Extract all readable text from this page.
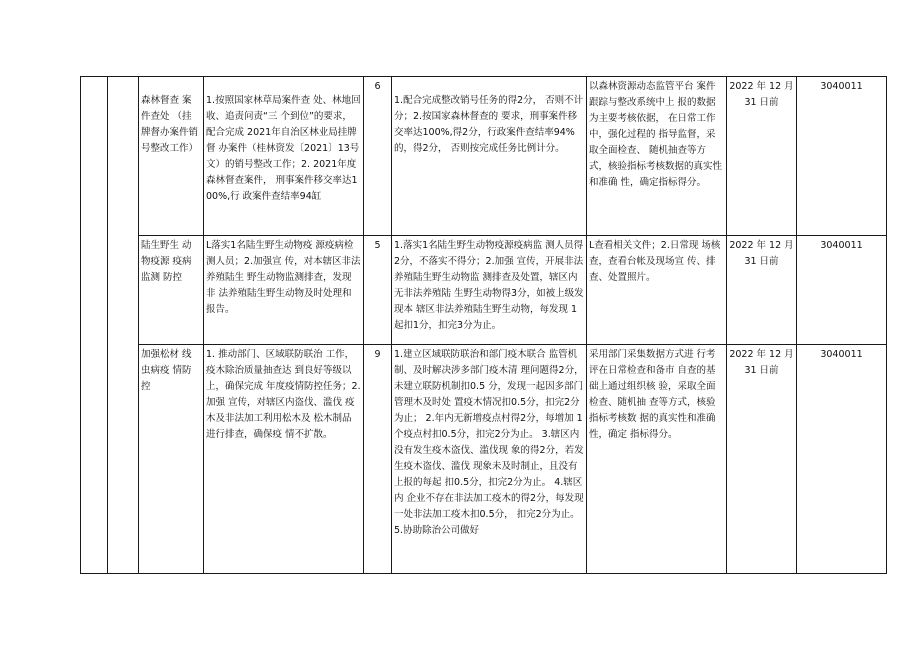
		森林督查 案件查处 （挂牌督办案件销号整改工作）	1.按照国家林草局案件查 处、林地回收、追责问责“三 个到位”的要求，配合完成 2021年自治区林业局挂牌督 办案件（桂林资发〔2021〕13号文）的销号整改工作；2. 2021年度森林督查案件， 刑事案件移交率达100%,行 政案件查结率94缸	6	1.配合完成整改销号任务的得2分， 否则不计分；2.按国家森林督查的 要求，刑事案件移交率达100%,得2分，行政案件查结率94%的，得2分， 否则按完成任务比例计分。	以森林资源动态监管平台 案件跟踪与整改系统中上 报的数据为主要考核依据， 在日常工作中，强化过程的 指导监督，采取全面检查、 随机抽查等方式，核验指标考核数据的真实性和准确 性，确定指标得分。	2022 年 12 月 31 日前	3040011

		陆生野生 动物疫源 疫病监测 防控	L落实1名陆生野生动物疫 源疫病检测人员；2.加强宣 传，对本辖区非法养殖陆生 野生动物监测排查，发现非 法养殖陆生野生动物及时处理和报告。	5	1.落实1名陆生野生动物疫源疫病监 测人员得2分，不落实不得分；2.加强 宣传，开展非法养殖陆生野生动物监 测排查及处置，辖区内无非法养殖陆 生野生动物得3分，如被上级发现本 辖区非法养殖陆生野生动物，每发现 1起扣1分，扣完3分为止。	L查看相关文件；2.日常现 场核查，查看台帐及现场宣 传、排查、处置照片。	2022 年 12 月 31 日前	3040011

		加强松材 线虫病疫 情防控	1. 推动部门、区域联防联治 工作，疫木除治质量抽查达 到良好等级以上，确保完成 年度疫情防控任务；2. 加强 宣传，对辖区内盗伐、滥伐 疫木及非法加工利用松木及 松木制品进行排查，确保疫 情不扩散。	9	1.建立区域联防联治和部门疫木联合 监管机制、及时解决涉多部门疫木清 理问题得2分，未建立联防机制扣0.5 分，发现一起因多部门管理木及时处 置疫木情况扣0.5分，扣完2分为止； 2.年内无新增疫点村得2分，每增加 1个疫点村扣0.5分，扣完2分为止。 3.辖区内没有发生疫木盗伐、滥伐现 象的得2分，若发生疫木盗伐、滥伐 现象未及时制止，且没有上报的每起 扣0.5分，扣完2分为止。 4.辖区内 企业不存在非法加工疫木的得2分，每发现一处非法加工疫木扣0.5分， 扣完2分为止。5.协助除治公司做好	采用部门采集数据方式进 行考评在日常检查和备市 自查的基础上通过组织核 验，采取全面检查、随机抽 查等方式，核验指标考核数 据的真实性和准确性，确定 指标得分。	2022 年 12 月 31 日前	3040011
